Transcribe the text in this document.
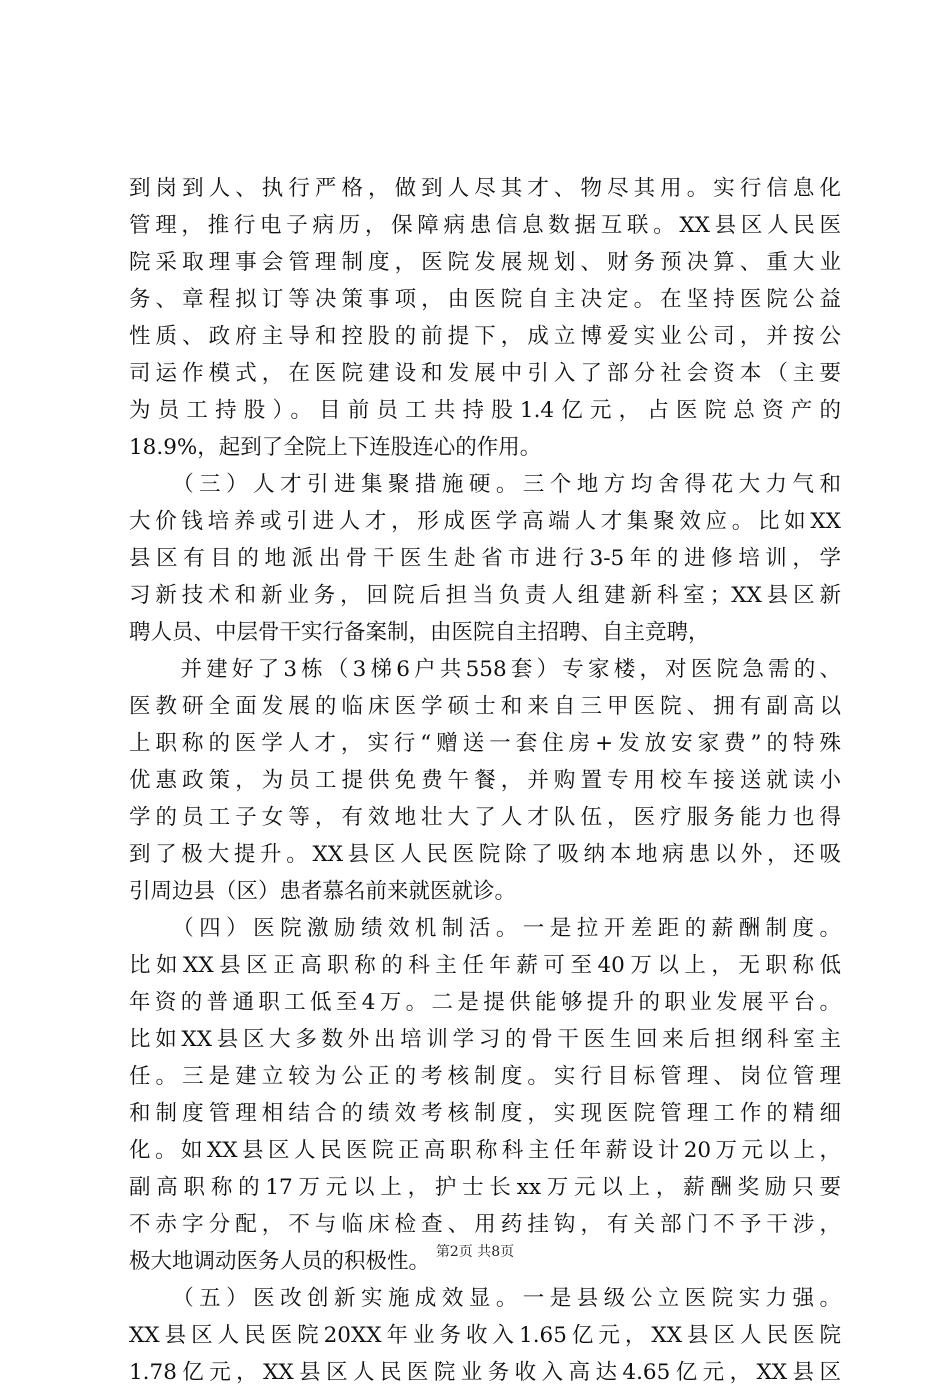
到岗到人、执行严格，做到人尽其才、物尽其用。实行信息化
管理，推行电子病历，保障病患信息数据互联。XX县区人民医
院采取理事会管理制度，医院发展规划、财务预决算、重大业
务、章程拟订等决策事项，由医院自主决定。在坚持医院公益
性质、政府主导和控股的前提下，成立博爱实业公司，并按公
司运作模式，在医院建设和发展中引入了部分社会资本（主要
为员工持股）。目前员工共持股1.4亿元，占医院总资产的
18.9%，起到了全院上下连股连心的作用。
　　（三）人才引进集聚措施硬。三个地方均舍得花大力气和
大价钱培养或引进人才，形成医学高端人才集聚效应。比如XX
县区有目的地派出骨干医生赴省市进行3-5年的进修培训，学
习新技术和新业务，回院后担当负责人组建新科室；XX县区新
聘人员、中层骨干实行备案制，由医院自主招聘、自主竞聘，
　　并建好了3栋（3梯6户共558套）专家楼，对医院急需的、
医教研全面发展的临床医学硕士和来自三甲医院、拥有副高以
上职称的医学人才，实行“赠送一套住房+发放安家费”的特殊
优惠政策，为员工提供免费午餐，并购置专用校车接送就读小
学的员工子女等，有效地壮大了人才队伍，医疗服务能力也得
到了极大提升。XX县区人民医院除了吸纳本地病患以外，还吸
引周边县（区）患者慕名前来就医就诊。
　　（四）医院激励绩效机制活。一是拉开差距的薪酬制度。
比如XX县区正高职称的科主任年薪可至40万以上，无职称低
年资的普通职工低至4万。二是提供能够提升的职业发展平台。
比如XX县区大多数外出培训学习的骨干医生回来后担纲科室主
任。三是建立较为公正的考核制度。实行目标管理、岗位管理
和制度管理相结合的绩效考核制度，实现医院管理工作的精细
化。如XX县区人民医院正高职称科主任年薪设计20万元以上，
副高职称的17万元以上，护士长xx万元以上，薪酬奖励只要
不赤字分配，不与临床检查、用药挂钩，有关部门不予干涉，
极大地调动医务人员的积极性。
　　（五）医改创新实施成效显。一是县级公立医院实力强。
XX县区人民医院20XX年业务收入1.65亿元，XX县区人民医院
1.78亿元，XX县区人民医院业务收入高达4.65亿元，XX县区
第2页 共8页
